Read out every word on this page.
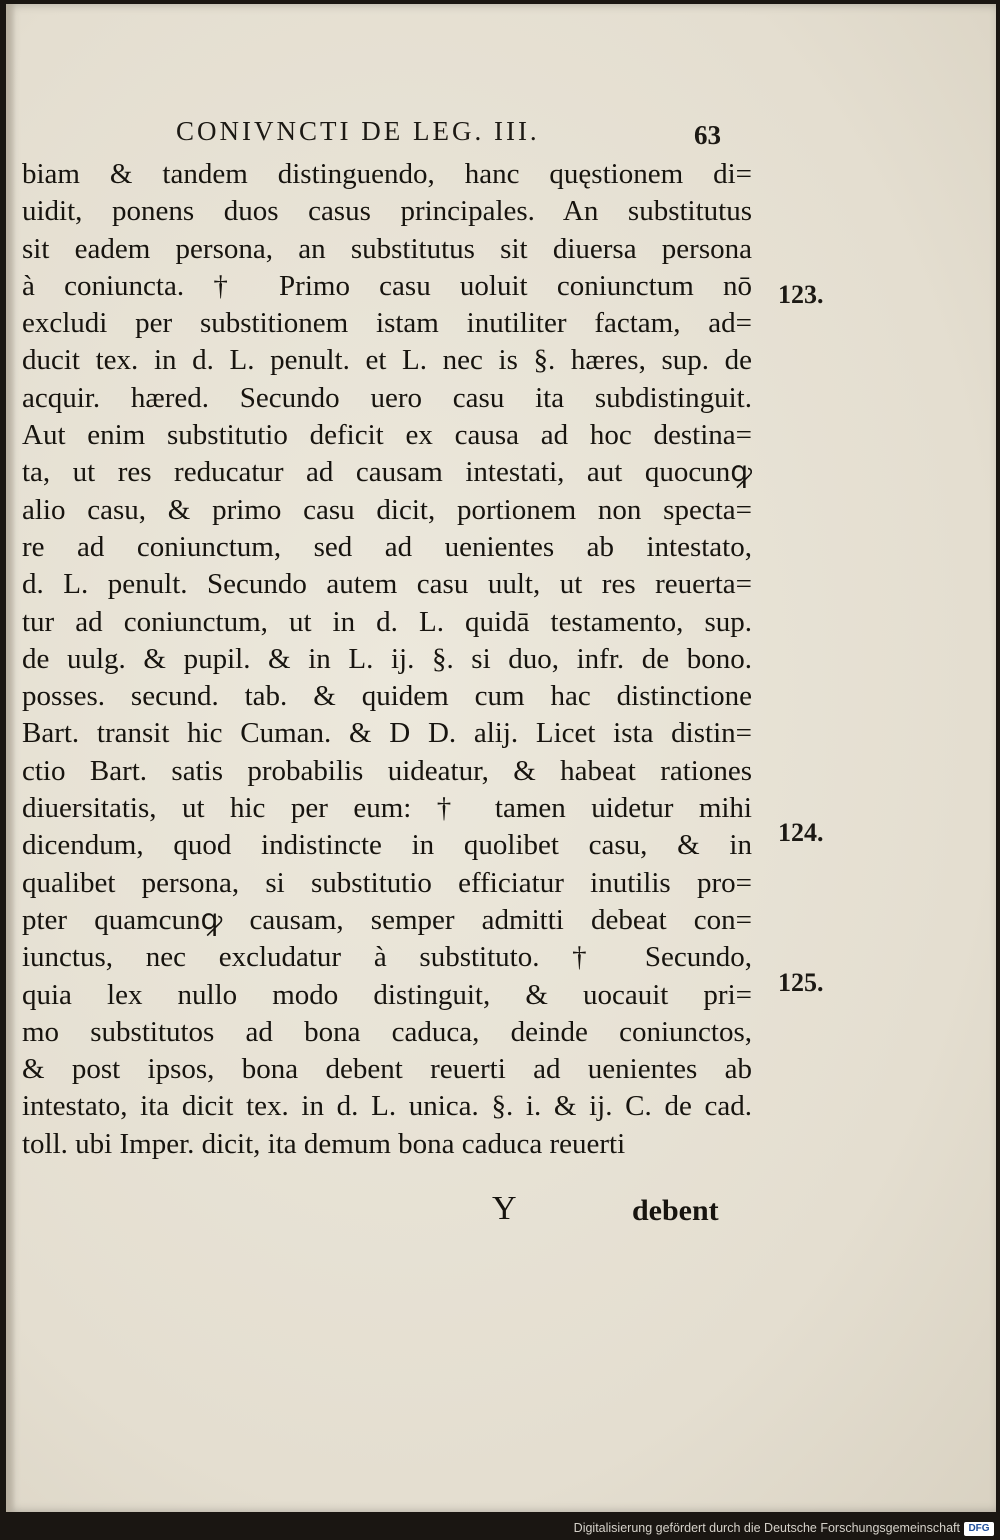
CONIVNCTI DE LEG. III.	63
biam & tandem distinguendo, hanc quęstionem di=
uidit, ponens duos casus principales. An substitutus
sit eadem persona, an substitutus sit diuersa persona
à coniuncta. † Primo casu uoluit coniunctum nō
excludi per substitionem istam inutiliter factam, ad=
ducit tex. in d. L. penult. et L. nec is §. hæres, sup. de
acquir. hæred. Secundo uero casu ita subdistinguit.
Aut enim substitutio deficit ex causa ad hoc destina=
ta, ut res reducatur ad causam intestati, aut quocunꝙ
alio casu, & primo casu dicit, portionem non specta=
re ad coniunctum, sed ad uenientes ab intestato,
d. L. penult. Secundo autem casu uult, ut res reuerta=
tur ad coniunctum, ut in d. L. quidā testamento, sup.
de uulg. & pupil. & in L. ij. §. si duo, infr. de bono.
posses. secund. tab. & quidem cum hac distinctione
Bart. transit hic Cuman. & D D. alij. Licet ista distin=
ctio Bart. satis probabilis uideatur, & habeat rationes
diuersitatis, ut hic per eum: † tamen uidetur mihi
dicendum, quod indistincte in quolibet casu, & in
qualibet persona, si substitutio efficiatur inutilis pro=
pter quamcunꝙ causam, semper admitti debeat con=
iunctus, nec excludatur à substituto. † Secundo,
quia lex nullo modo distinguit, & uocauit pri=
mo substitutos ad bona caduca, deinde coniunctos,
& post ipsos, bona debent reuerti ad uenientes ab
intestato, ita dicit tex. in d. L. unica. §. i. & ij. C. de cad.
toll. ubi Imper. dicit, ita demum bona caduca reuerti
123.
124.
125.
Y	debent
Digitalisierung gefördert durch die Deutsche Forschungsgemeinschaft DFG
